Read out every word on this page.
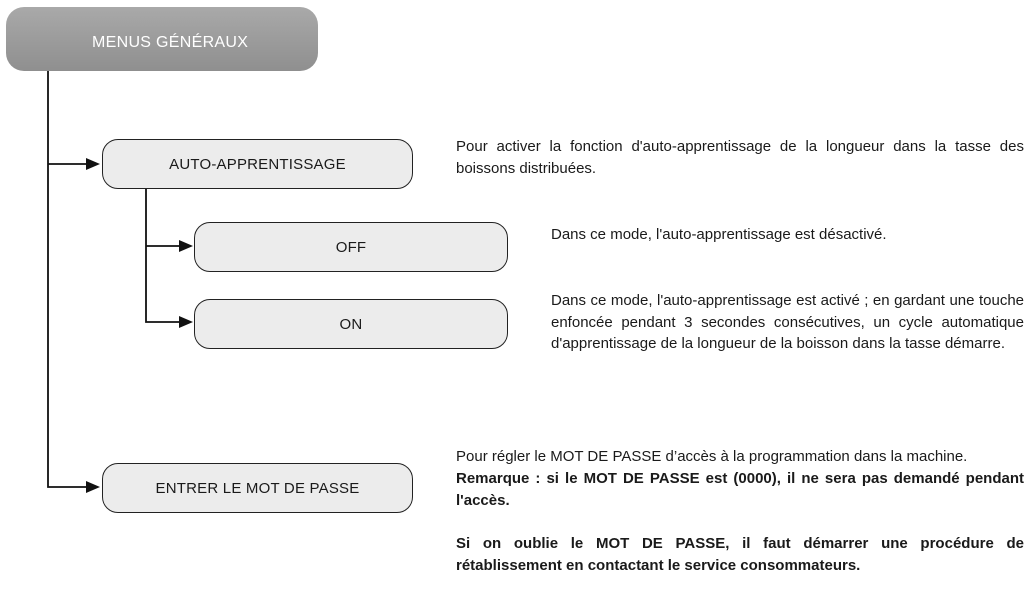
MENUS GÉNÉRAUX
AUTO-APPRENTISSAGE
OFF
ON
ENTRER LE MOT DE PASSE

Pour activer la fonction d'auto-apprentissage de la longueur dans la tasse des boissons distribuées.

Dans ce mode, l'auto-apprentissage est désactivé.

Dans ce mode, l'auto-apprentissage est activé ; en gardant une touche enfoncée pendant 3 secondes consécutives, un cycle automatique d'apprentissage de la longueur de la boisson dans la tasse démarre.

Pour régler le MOT DE PASSE d’accès à la programmation dans la machine.

Remarque : si le MOT DE PASSE est (0000), il ne sera pas demandé pendant l'accès.

Si on oublie le MOT DE PASSE, il faut démarrer une procédure de rétablissement en contactant le service consommateurs.
